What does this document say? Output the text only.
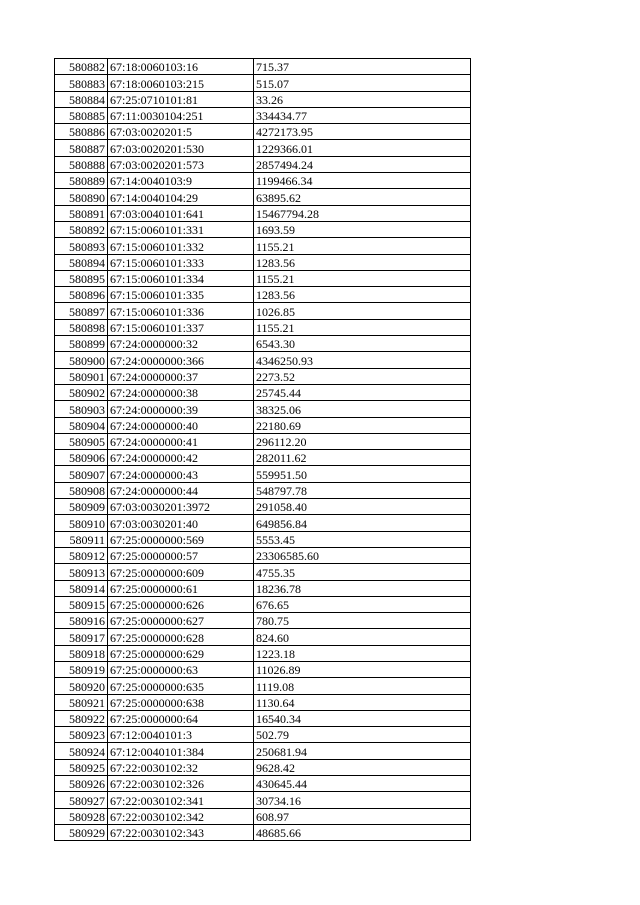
580882	67:18:0060103:16	715.37
580883	67:18:0060103:215	515.07
580884	67:25:0710101:81	33.26
580885	67:11:0030104:251	334434.77
580886	67:03:0020201:5	4272173.95
580887	67:03:0020201:530	1229366.01
580888	67:03:0020201:573	2857494.24
580889	67:14:0040103:9	1199466.34
580890	67:14:0040104:29	63895.62
580891	67:03:0040101:641	15467794.28
580892	67:15:0060101:331	1693.59
580893	67:15:0060101:332	1155.21
580894	67:15:0060101:333	1283.56
580895	67:15:0060101:334	1155.21
580896	67:15:0060101:335	1283.56
580897	67:15:0060101:336	1026.85
580898	67:15:0060101:337	1155.21
580899	67:24:0000000:32	6543.30
580900	67:24:0000000:366	4346250.93
580901	67:24:0000000:37	2273.52
580902	67:24:0000000:38	25745.44
580903	67:24:0000000:39	38325.06
580904	67:24:0000000:40	22180.69
580905	67:24:0000000:41	296112.20
580906	67:24:0000000:42	282011.62
580907	67:24:0000000:43	559951.50
580908	67:24:0000000:44	548797.78
580909	67:03:0030201:3972	291058.40
580910	67:03:0030201:40	649856.84
580911	67:25:0000000:569	5553.45
580912	67:25:0000000:57	23306585.60
580913	67:25:0000000:609	4755.35
580914	67:25:0000000:61	18236.78
580915	67:25:0000000:626	676.65
580916	67:25:0000000:627	780.75
580917	67:25:0000000:628	824.60
580918	67:25:0000000:629	1223.18
580919	67:25:0000000:63	11026.89
580920	67:25:0000000:635	1119.08
580921	67:25:0000000:638	1130.64
580922	67:25:0000000:64	16540.34
580923	67:12:0040101:3	502.79
580924	67:12:0040101:384	250681.94
580925	67:22:0030102:32	9628.42
580926	67:22:0030102:326	430645.44
580927	67:22:0030102:341	30734.16
580928	67:22:0030102:342	608.97
580929	67:22:0030102:343	48685.66
